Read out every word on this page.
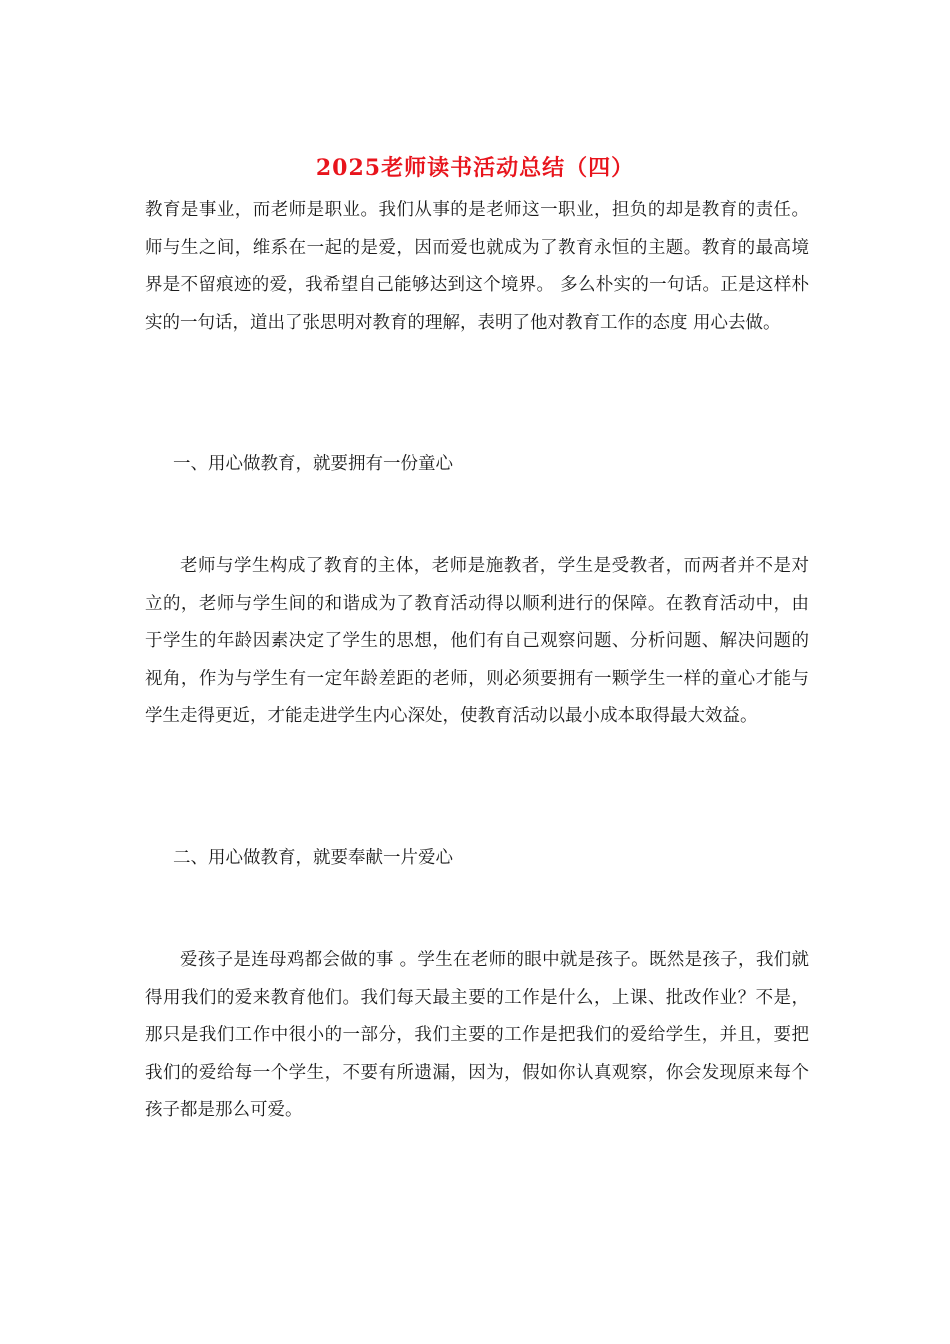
2025老师读书活动总结（四）
教育是事业，而老师是职业。我们从事的是老师这一职业，担负的却是教育的责任。师与生之间，维系在一起的是爱，因而爱也就成为了教育永恒的主题。教育的最高境界是不留痕迹的爱，我希望自己能够达到这个境界。 多么朴实的一句话。正是这样朴实的一句话，道出了张思明对教育的理解，表明了他对教育工作的态度 用心去做。
一、用心做教育，就要拥有一份童心
老师与学生构成了教育的主体，老师是施教者，学生是受教者，而两者并不是对立的，老师与学生间的和谐成为了教育活动得以顺利进行的保障。在教育活动中，由于学生的年龄因素决定了学生的思想，他们有自己观察问题、分析问题、解决问题的视角，作为与学生有一定年龄差距的老师，则必须要拥有一颗学生一样的童心才能与学生走得更近，才能走进学生内心深处，使教育活动以最小成本取得最大效益。
二、用心做教育，就要奉献一片爱心
爱孩子是连母鸡都会做的事 。学生在老师的眼中就是孩子。既然是孩子，我们就得用我们的爱来教育他们。我们每天最主要的工作是什么，上课、批改作业？不是，那只是我们工作中很小的一部分，我们主要的工作是把我们的爱给学生，并且，要把我们的爱给每一个学生，不要有所遗漏，因为，假如你认真观察，你会发现原来每个孩子都是那么可爱。
